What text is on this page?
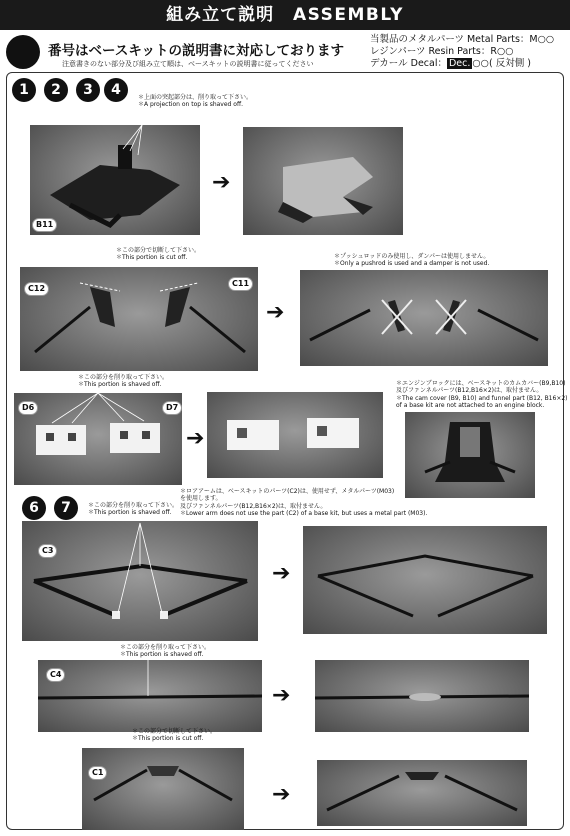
組み立て説明 ASSEMBLY
番号はベースキットの説明書に対応しております
注意書きのない部分及び組み立て順は、ベースキットの説明書に従ってください
当製品のメタルパーツ Metal Parts：M○○
レジンパーツ Resin Parts：R○○
デカール Decal： Dec. ○○( 反対側 )
1	2	3	4	＊上面の突起部分は、削り取って下さい。
＊A projection on top is shaved off.
B11
➔
＊この部分で切断して下さい。
＊This portion is cut off.	＊プッシュロッドのみ使用し、ダンパーは使用しません。
＊Only a pushrod is used and a damper is not used.
C12
C11
➔
＊この部分を削り取って下さい。
＊This portion is shaved off.	＊エンジンブロックには、ベースキットのカムカバー(B9,B10)
及びファンネルパーツ(B12,B16×2)は、取付ません。
＊The cam cover (B9, B10) and funnel part (B12, B16×2)
of a base kit are not attached to an engine block.
D6	D7
➔
6	7	＊この部分を削り取って下さい。
＊This portion is shaved off.
＊ロアアームは、ベースキットのパーツ(C2)は、使用せず、メタルパーツ(M03)
を使用します。
及びファンネルパーツ(B12,B16×2)は、取付ません。
＊Lower arm does not use the part (C2) of a base kit, but uses a metal part (M03).
C3
➔
＊この部分を削り取って下さい。
＊This portion is shaved off.
C4
➔
＊この部分で切断して下さい。
＊This portion is cut off.
C1
➔
